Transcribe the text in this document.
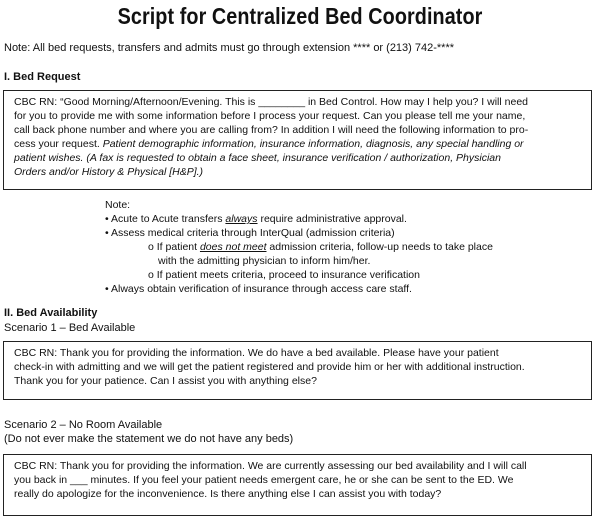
Script for Centralized Bed Coordinator
Note: All bed requests, transfers and admits must go through extension **** or (213) 742-****
I. Bed Request
CBC RN: “Good Morning/Afternoon/Evening. This is ________ in Bed Control. How may I help you? I will need
for you to provide me with some information before I process your request. Can you please tell me your name,
call back phone number and where you are calling from? In addition I will need the following information to pro-
cess your request. Patient demographic information, insurance information, diagnosis, any special handling or
patient wishes. (A fax is requested to obtain a face sheet, insurance verification / authorization, Physician
Orders and/or History & Physical [H&P].)
Note:
• Acute to Acute transfers always require administrative approval.
• Assess medical criteria through InterQual (admission criteria)
o If patient does not meet admission criteria, follow-up needs to take place
with the admitting physician to inform him/her.
o If patient meets criteria, proceed to insurance verification
• Always obtain verification of insurance through access care staff.
II. Bed Availability
Scenario 1 – Bed Available
CBC RN: Thank you for providing the information. We do have a bed available. Please have your patient
check-in with admitting and we will get the patient registered and provide him or her with additional instruction.
Thank you for your patience. Can I assist you with anything else?
Scenario 2 – No Room Available
(Do not ever make the statement we do not have any beds)
CBC RN: Thank you for providing the information. We are currently assessing our bed availability and I will call
you back in ___ minutes. If you feel your patient needs emergent care, he or she can be sent to the ED. We
really do apologize for the inconvenience. Is there anything else I can assist you with today?
